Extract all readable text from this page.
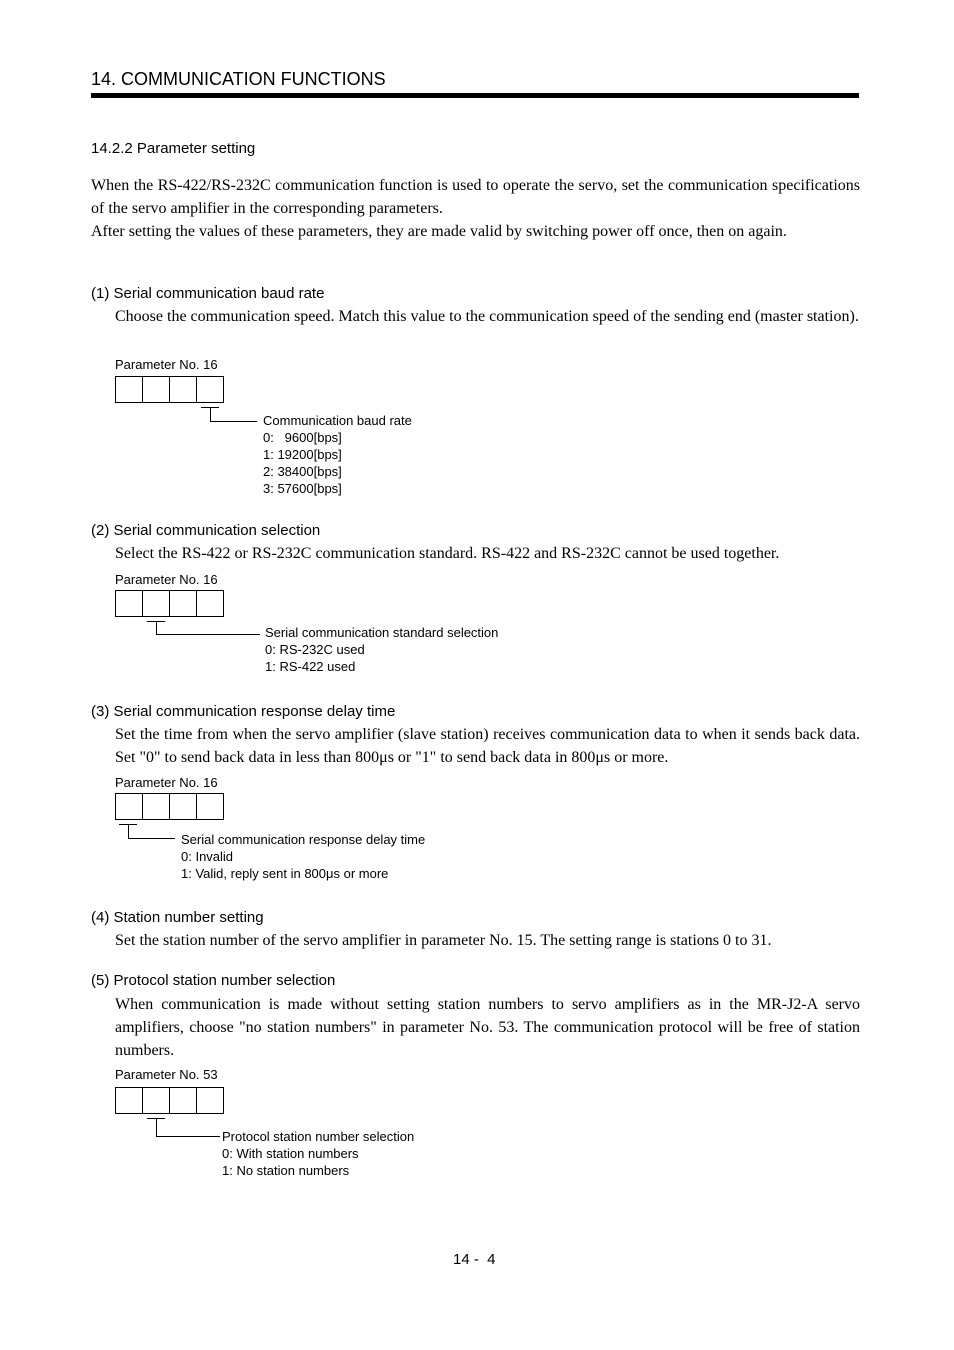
14. COMMUNICATION FUNCTIONS
14.2.2 Parameter setting

When the RS-422/RS-232C communication function is used to operate the servo, set the communication specifications of the servo amplifier in the corresponding parameters.

After setting the values of these parameters, they are made valid by switching power off once, then on again.

(1) Serial communication baud rate
Choose the communication speed. Match this value to the communication speed of the sending end (master station).
Parameter No. 16
Communication baud rate
0:   9600[bps]
1: 19200[bps]
2: 38400[bps]
3: 57600[bps]
(2) Serial communication selection
Select the RS-422 or RS-232C communication standard. RS-422 and RS-232C cannot be used together.
Parameter No. 16
Serial communication standard selection
0: RS-232C used
1: RS-422 used
(3) Serial communication response delay time
Set the time from when the servo amplifier (slave station) receives communication data to when it sends back data. Set "0" to send back data in less than 800μs or "1" to send back data in 800μs or more.
Parameter No. 16
Serial communication response delay time
0: Invalid
1: Valid, reply sent in 800μs or more
(4) Station number setting
Set the station number of the servo amplifier in parameter No. 15. The setting range is stations 0 to 31.
(5) Protocol station number selection
When communication is made without setting station numbers to servo amplifiers as in the MR-J2-A servo amplifiers, choose "no station numbers" in parameter No. 53. The communication protocol will be free of station numbers.
Parameter No. 53
Protocol station number selection
0: With station numbers
1: No station numbers
14 -  4
